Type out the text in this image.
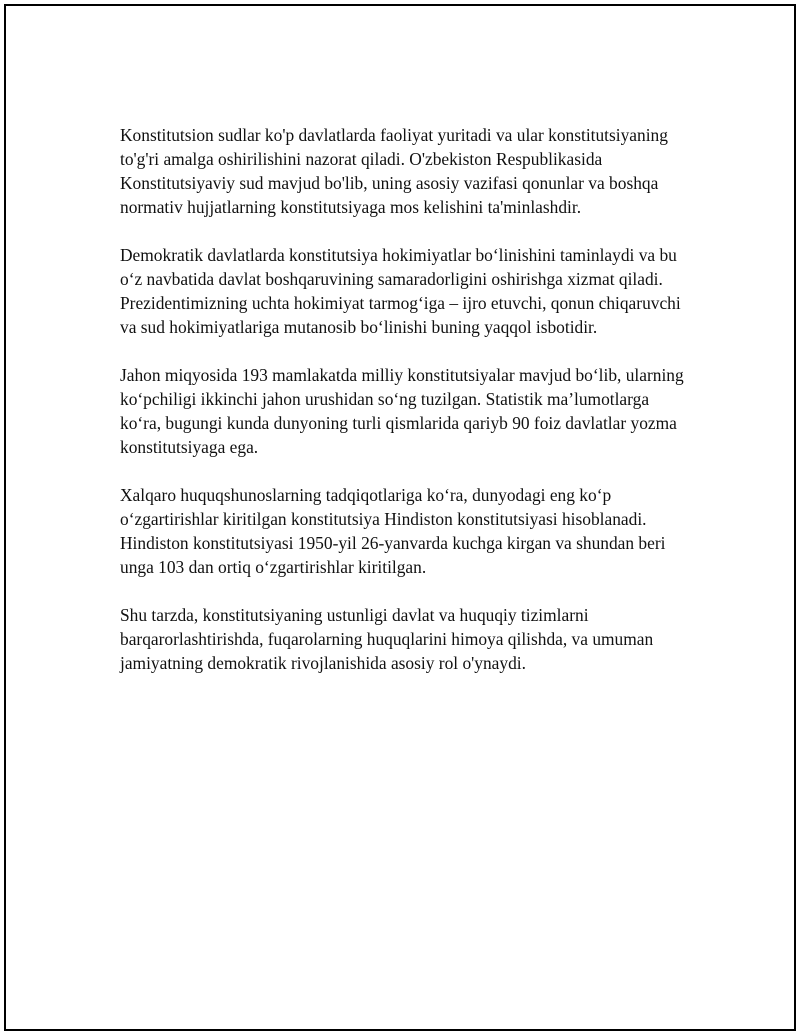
Konstitutsion sudlar ko'p davlatlarda faoliyat yuritadi va ular konstitutsiyaning to'g'ri amalga oshirilishini nazorat qiladi. O'zbekiston Respublikasida Konstitutsiyaviy sud mavjud bo'lib, uning asosiy vazifasi qonunlar va boshqa normativ hujjatlarning konstitutsiyaga mos kelishini ta'minlashdir.

Demokratik davlatlarda konstitutsiya hokimiyatlar boʻlinishini taminlaydi va bu oʻz navbatida davlat boshqaruvining samaradorligini oshirishga xizmat qiladi. Prezidentimizning uchta hokimiyat tarmogʻiga – ijro etuvchi, qonun chiqaruvchi va sud hokimiyatlariga mutanosib boʻlinishi buning yaqqol isbotidir.

Jahon miqyosida 193 mamlakatda milliy konstitutsiyalar mavjud boʻlib, ularning koʻpchiligi ikkinchi jahon urushidan soʻng tuzilgan. Statistik maʼlumotlarga koʻra, bugungi kunda dunyoning turli qismlarida qariyb 90 foiz davlatlar yozma konstitutsiyaga ega.

Xalqaro huquqshunoslarning tadqiqotlariga koʻra, dunyodagi eng koʻp oʻzgartirishlar kiritilgan konstitutsiya Hindiston konstitutsiyasi hisoblanadi. Hindiston konstitutsiyasi 1950-yil 26-yanvarda kuchga kirgan va shundan beri unga 103 dan ortiq oʻzgartirishlar kiritilgan.

Shu tarzda, konstitutsiyaning ustunligi davlat va huquqiy tizimlarni barqarorlashtirishda, fuqarolarning huquqlarini himoya qilishda, va umuman jamiyatning demokratik rivojlanishida asosiy rol o'ynaydi.
